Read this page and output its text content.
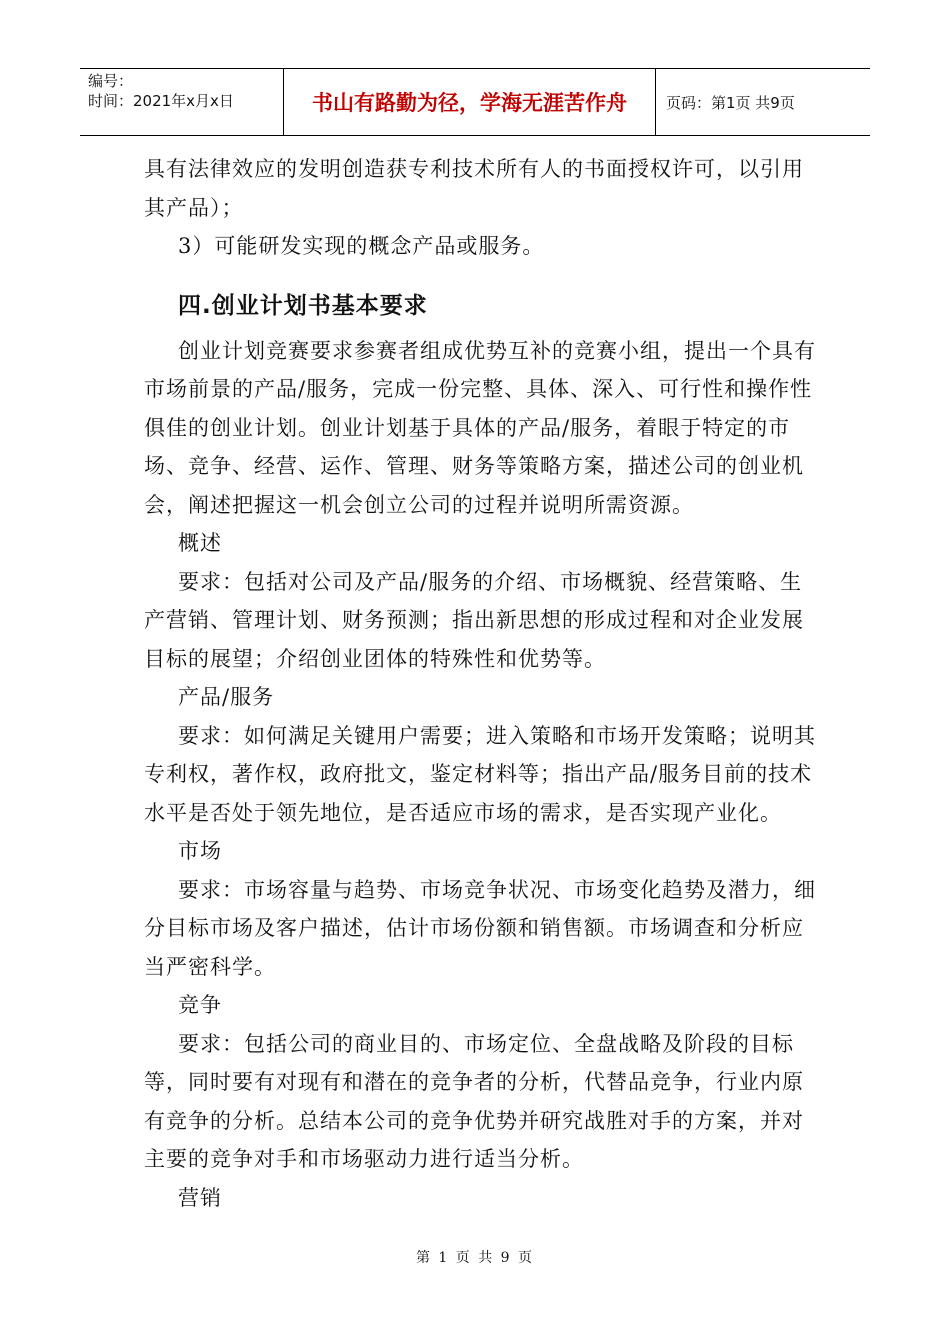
编号：
时间：2021年x月x日	书山有路勤为径，学海无涯苦作舟	页码：第1页 共9页

具有法律效应的发明创造获专利技术所有人的书面授权许可，以引用其产品）；

3）可能研发实现的概念产品或服务。

四.创业计划书基本要求

创业计划竞赛要求参赛者组成优势互补的竞赛小组，提出一个具有市场前景的产品/服务，完成一份完整、具体、深入、可行性和操作性俱佳的创业计划。创业计划基于具体的产品/服务，着眼于特定的市场、竞争、经营、运作、管理、财务等策略方案，描述公司的创业机会，阐述把握这一机会创立公司的过程并说明所需资源。

概述

要求：包括对公司及产品/服务的介绍、市场概貌、经营策略、生产营销、管理计划、财务预测；指出新思想的形成过程和对企业发展目标的展望；介绍创业团体的特殊性和优势等。

产品/服务

要求：如何满足关键用户需要；进入策略和市场开发策略；说明其专利权，著作权，政府批文，鉴定材料等；指出产品/服务目前的技术水平是否处于领先地位，是否适应市场的需求，是否实现产业化。

市场

要求：市场容量与趋势、市场竞争状况、市场变化趋势及潜力，细分目标市场及客户描述，估计市场份额和销售额。市场调查和分析应当严密科学。

竞争

要求：包括公司的商业目的、市场定位、全盘战略及阶段的目标等，同时要有对现有和潜在的竞争者的分析，代替品竞争，行业内原有竞争的分析。总结本公司的竞争优势并研究战胜对手的方案，并对主要的竞争对手和市场驱动力进行适当分析。

营销

第 1 页 共 9 页
